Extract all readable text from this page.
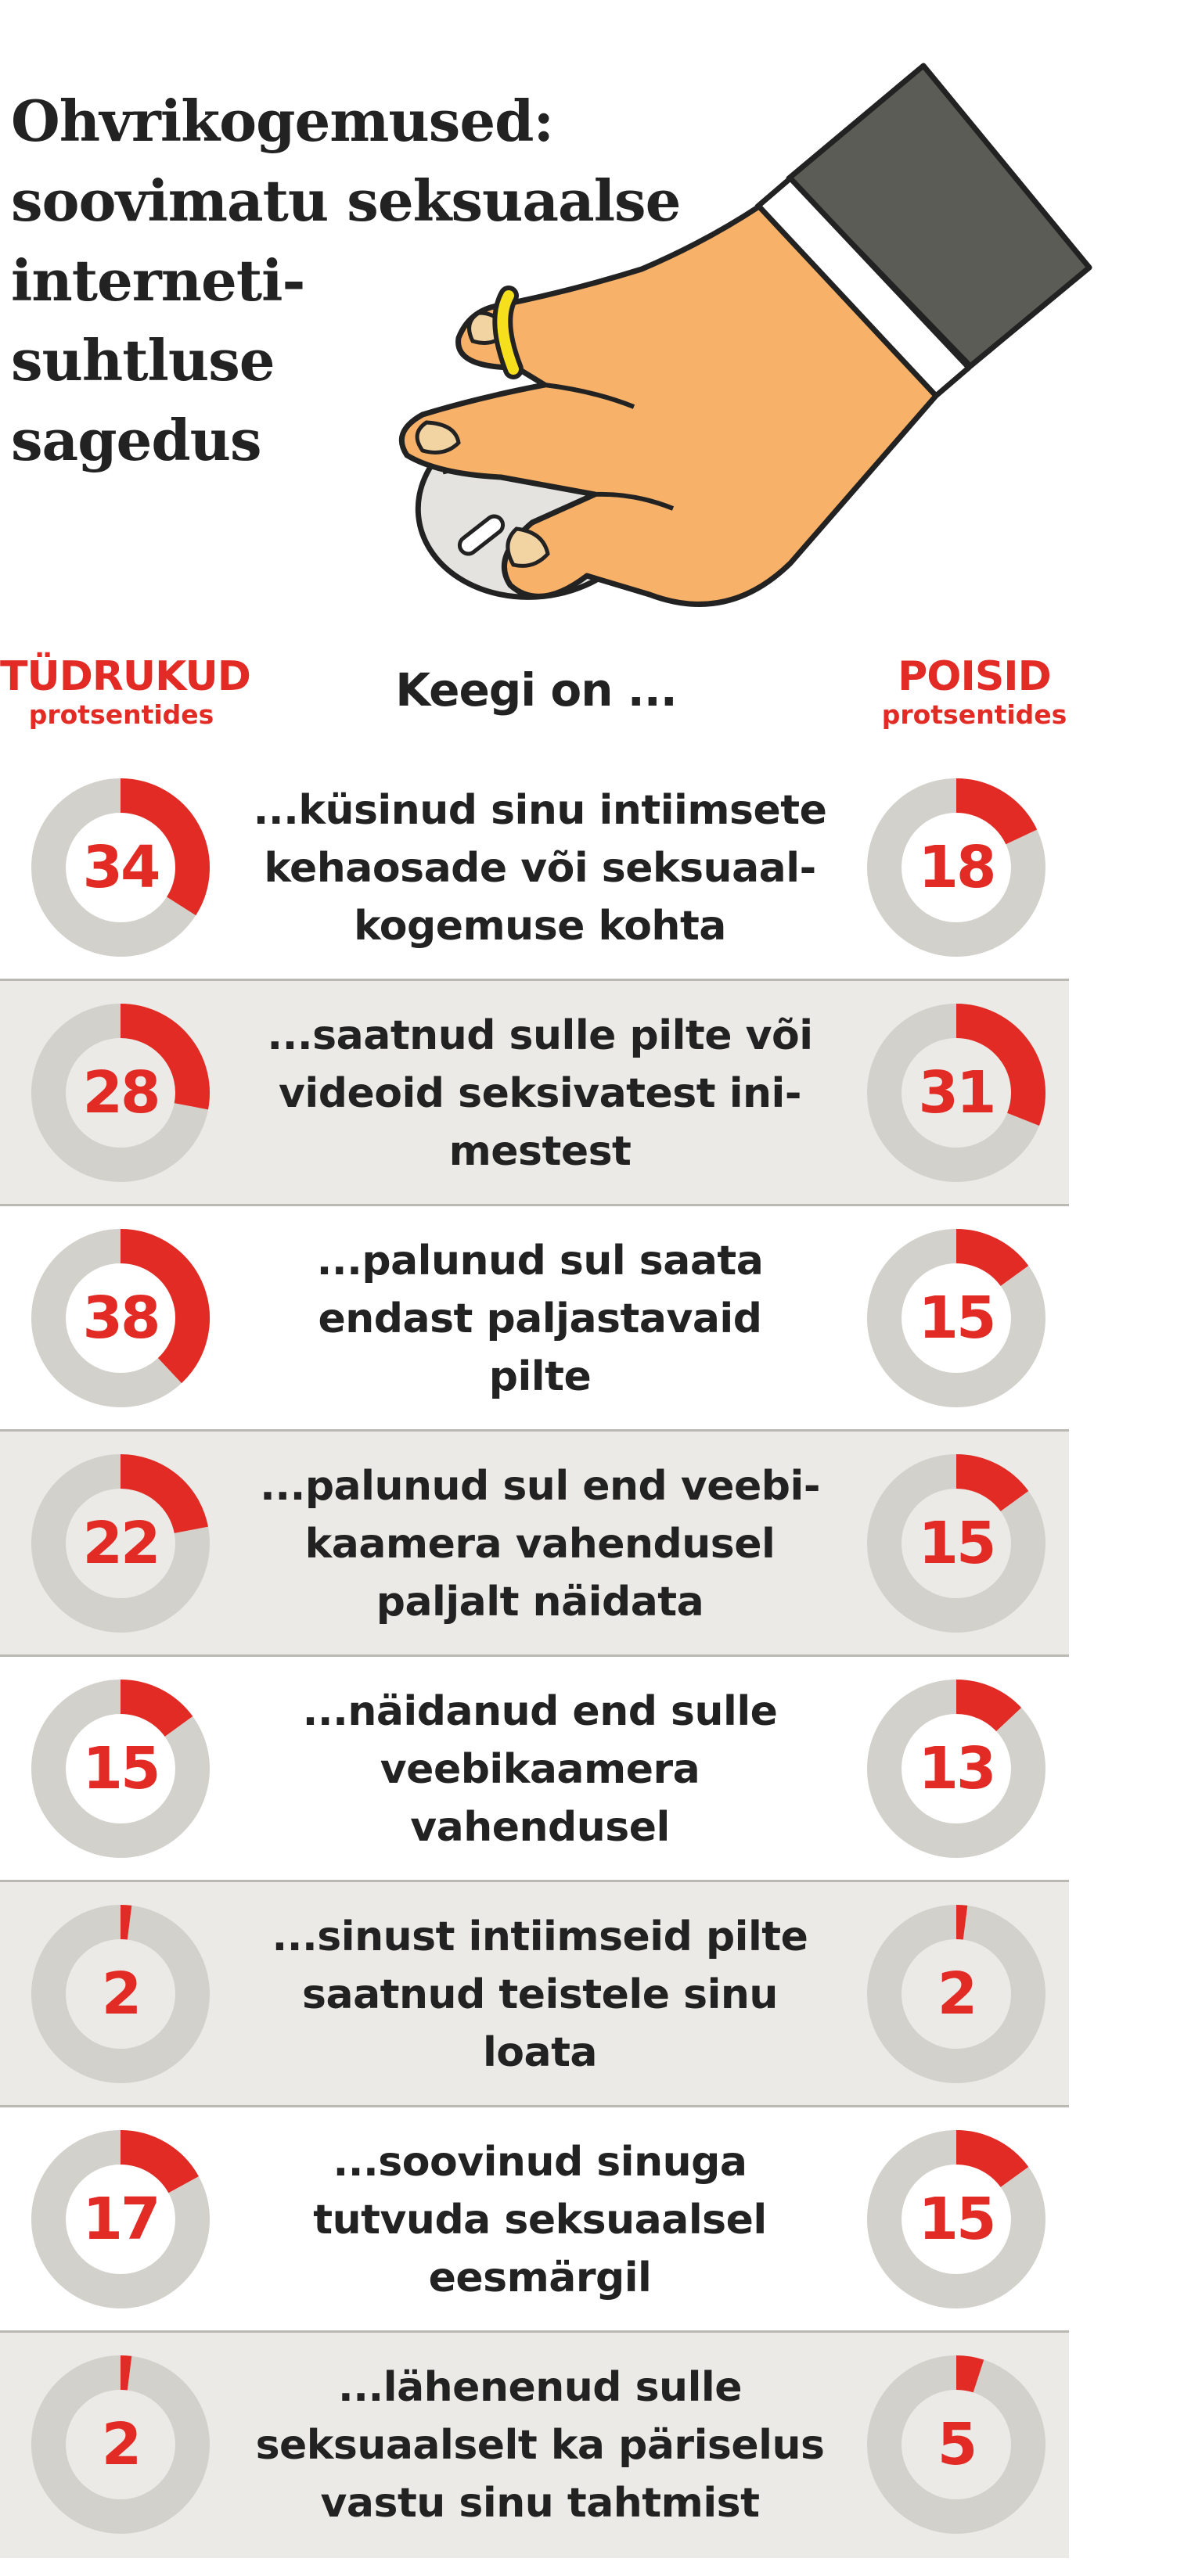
Ohvrikogemused:
soovimatu seksuaalse
interneti-
suhtluse
sagedus
TÜDRUKUD
protsentides	Keegi on ...	POISID
protsentides
34
...küsinud sinu intiimsete
kehaosade või seksuaal-
kogemuse kohta
18
28
...saatnud sulle pilte või
videoid seksivatest ini-
mestest
31
38
...palunud sul saata
endast paljastavaid
pilte
15
22
...palunud sul end veebi-
kaamera vahendusel
paljalt näidata
15
15
...näidanud end sulle
veebikaamera
vahendusel
13
2
...sinust intiimseid pilte
saatnud teistele sinu
loata
2
17
...soovinud sinuga
tutvuda seksuaalsel
eesmärgil
15
2
...lähenenud sulle
seksuaalselt ka päriselus
vastu sinu tahtmist
5
